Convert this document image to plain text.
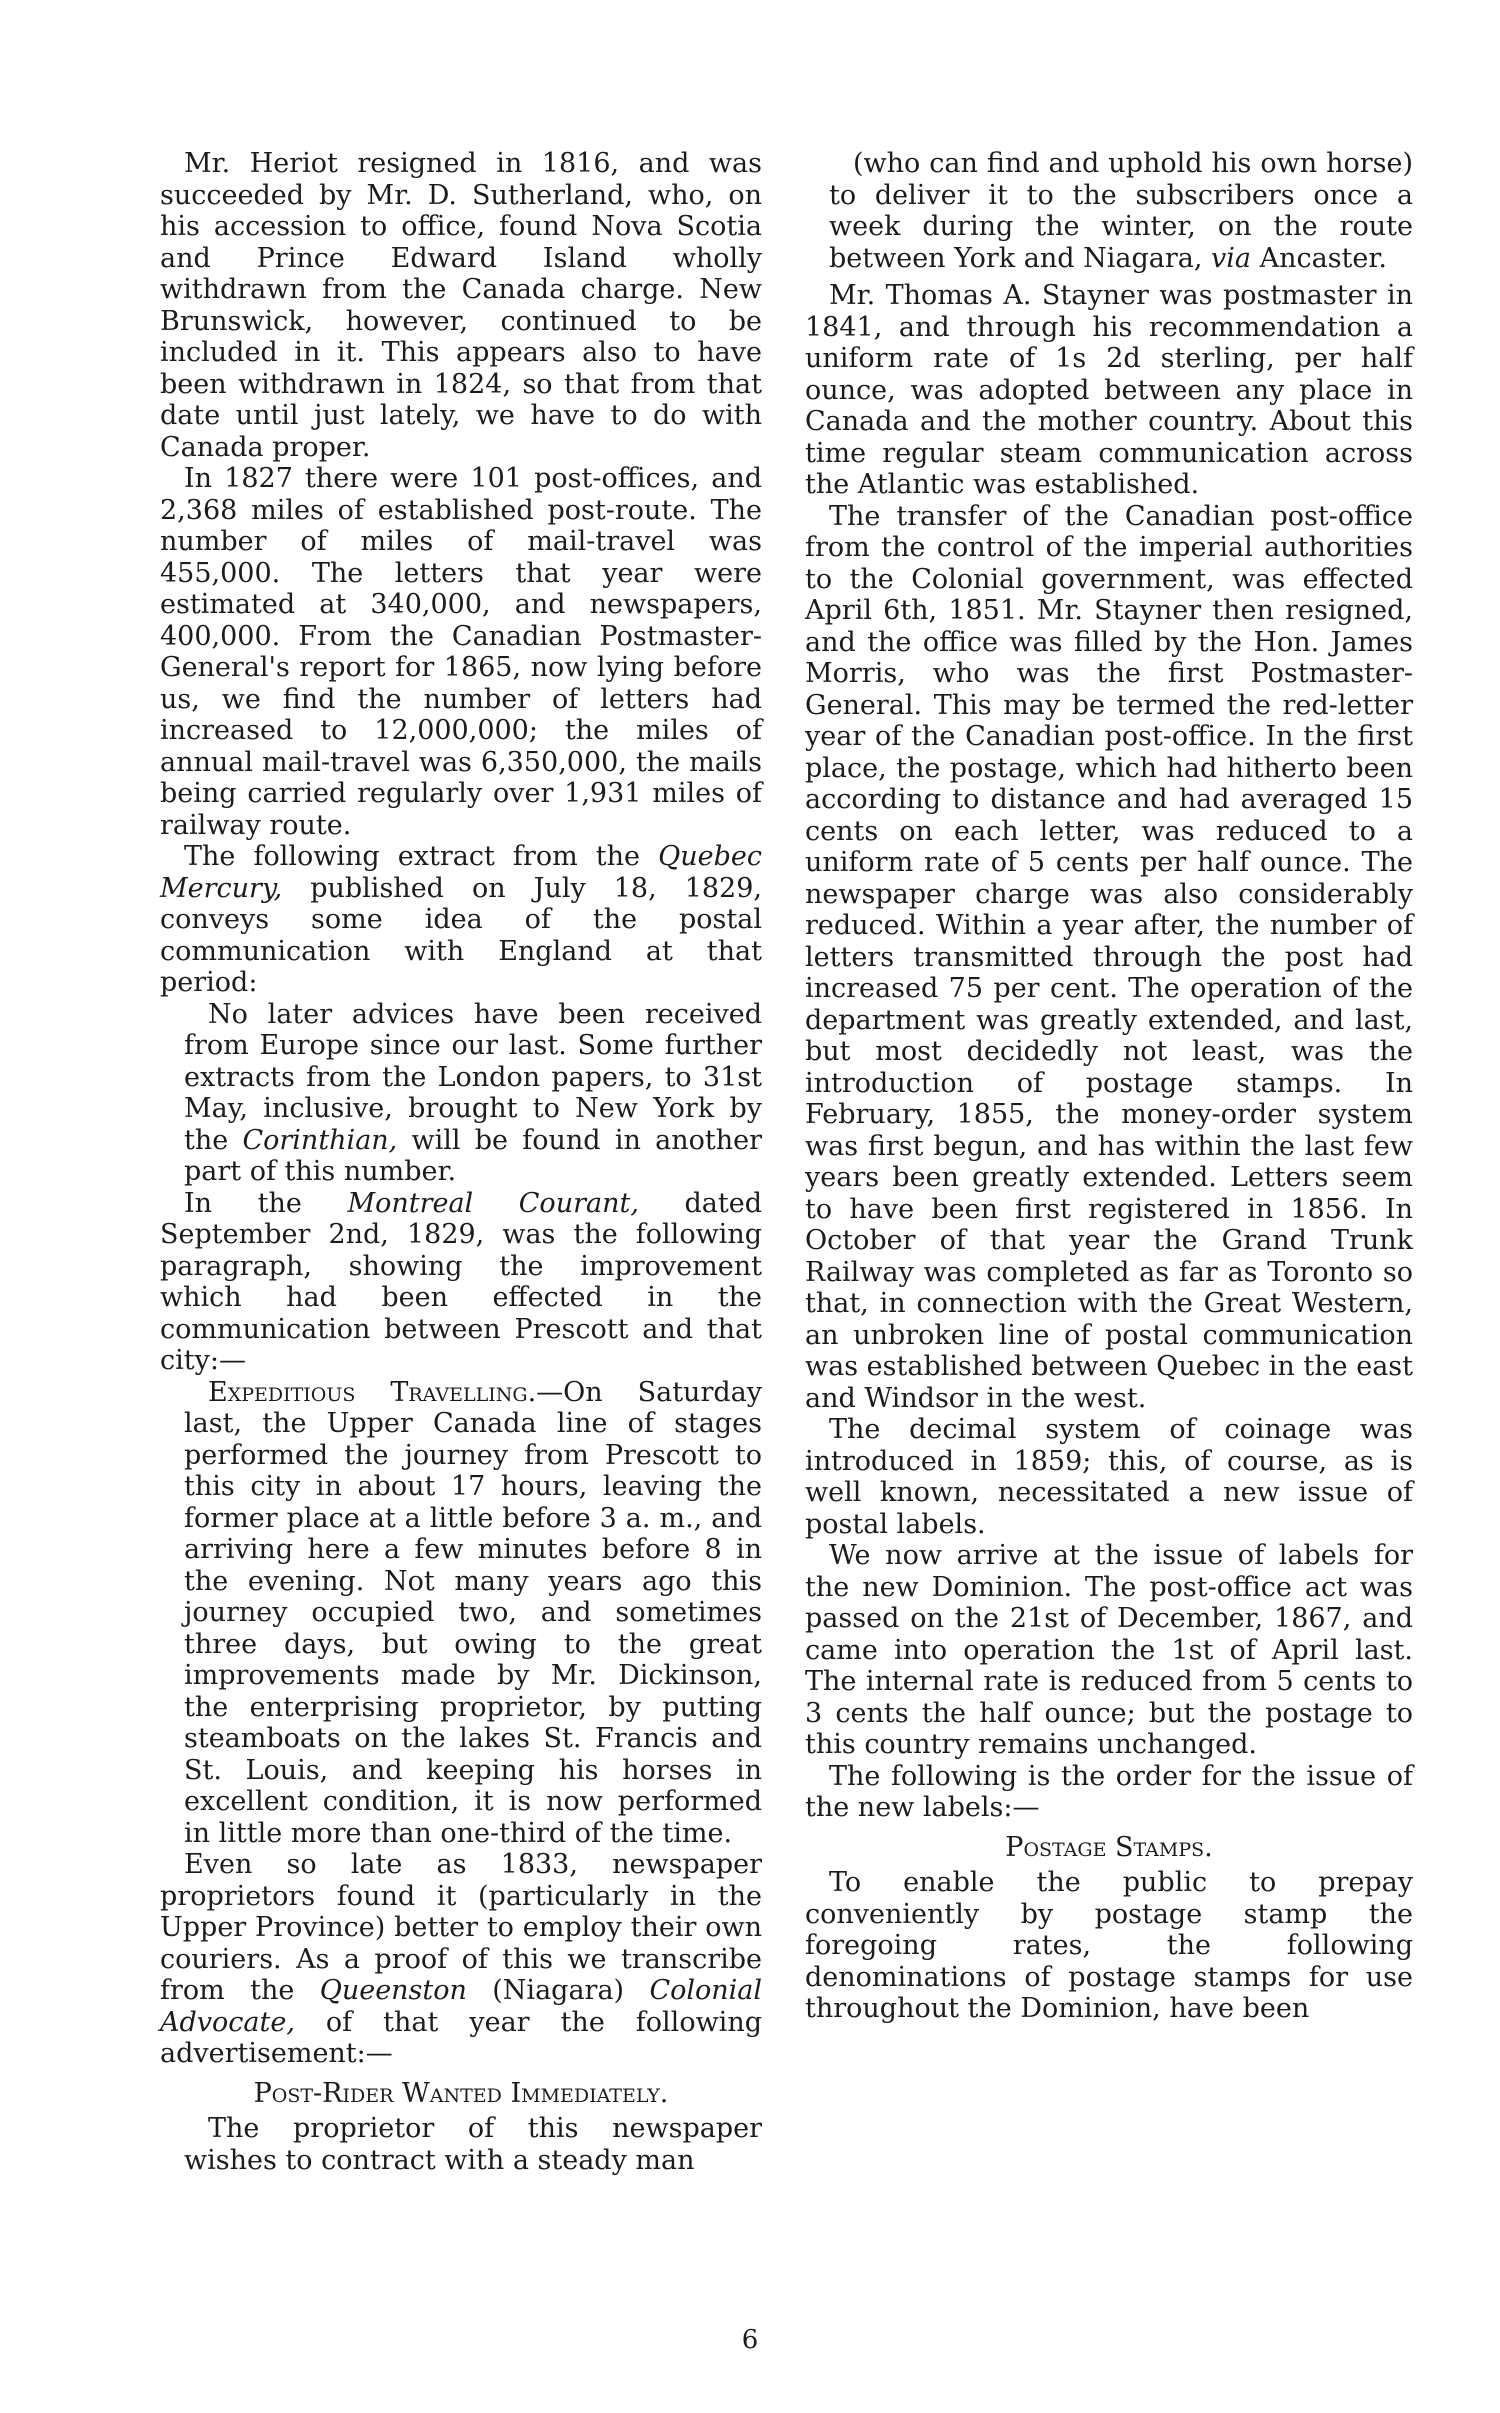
Mr. Heriot resigned in 1816, and was succeeded by Mr. D. Sutherland, who, on his accession to office, found Nova Scotia and Prince Edward Island wholly withdrawn from the Canada charge. New Brunswick, however, continued to be included in it. This appears also to have been withdrawn in 1824, so that from that date until just lately, we have to do with Canada proper.

In 1827 there were 101 post-offices, and 2,368 miles of established post-route. The number of miles of mail-travel was 455,000. The letters that year were estimated at 340,000, and newspapers, 400,000. From the Canadian Postmaster-General's report for 1865, now lying before us, we find the number of letters had increased to 12,000,000; the miles of annual mail-travel was 6,350,000, the mails being carried regularly over 1,931 miles of railway route.

The following extract from the Quebec Mercury, published on July 18, 1829, conveys some idea of the postal communication with England at that period:

No later advices have been received from Europe since our last. Some further extracts from the London papers, to 31st May, inclusive, brought to New York by the Corinthian, will be found in another part of this number.

In the Montreal Courant, dated September 2nd, 1829, was the following paragraph, showing the improvement which had been effected in the communication between Prescott and that city:—

Expeditious Travelling.—On Saturday last, the Upper Canada line of stages performed the journey from Prescott to this city in about 17 hours, leaving the former place at a little before 3 a. m., and arriving here a few minutes before 8 in the evening. Not many years ago this journey occupied two, and sometimes three days, but owing to the great improvements made by Mr. Dickinson, the enterprising proprietor, by putting steamboats on the lakes St. Francis and St. Louis, and keeping his horses in excellent condition, it is now performed in little more than one-third of the time.

Even so late as 1833, newspaper proprietors found it (particularly in the Upper Province) better to employ their own couriers. As a proof of this we transcribe from the Queenston (Niagara) Colonial Advocate, of that year the following advertisement:—

Post-Rider Wanted Immediately.

The proprietor of this newspaper wishes to contract with a steady man

(who can find and uphold his own horse) to deliver it to the subscribers once a week during the winter, on the route between York and Niagara, via Ancaster.

Mr. Thomas A. Stayner was postmaster in 1841, and through his recommendation a uniform rate of 1s 2d sterling, per half ounce, was adopted between any place in Canada and the mother country. About this time regular steam communication across the Atlantic was established.

The transfer of the Canadian post-office from the control of the imperial authorities to the Colonial government, was effected April 6th, 1851. Mr. Stayner then resigned, and the office was filled by the Hon. James Morris, who was the first Postmaster-General. This may be termed the red-letter year of the Canadian post-office. In the first place, the postage, which had hitherto been according to distance and had averaged 15 cents on each letter, was reduced to a uniform rate of 5 cents per half ounce. The newspaper charge was also considerably reduced. Within a year after, the number of letters transmitted through the post had increased 75 per cent. The operation of the department was greatly extended, and last, but most decidedly not least, was the introduction of postage stamps. In February, 1855, the money-order system was first begun, and has within the last few years been greatly extended. Letters seem to have been first registered in 1856. In October of that year the Grand Trunk Railway was completed as far as Toronto so that, in connection with the Great Western, an unbroken line of postal communication was established between Quebec in the east and Windsor in the west.

The decimal system of coinage was introduced in 1859; this, of course, as is well known, necessitated a new issue of postal labels.

We now arrive at the issue of labels for the new Dominion. The post-office act was passed on the 21st of December, 1867, and came into operation the 1st of April last. The internal rate is reduced from 5 cents to 3 cents the half ounce; but the postage to this country remains unchanged.

The following is the order for the issue of the new labels:—

Postage Stamps.

To enable the public to prepay conveniently by postage stamp the foregoing rates, the following denominations of postage stamps for use throughout the Dominion, have been

6
